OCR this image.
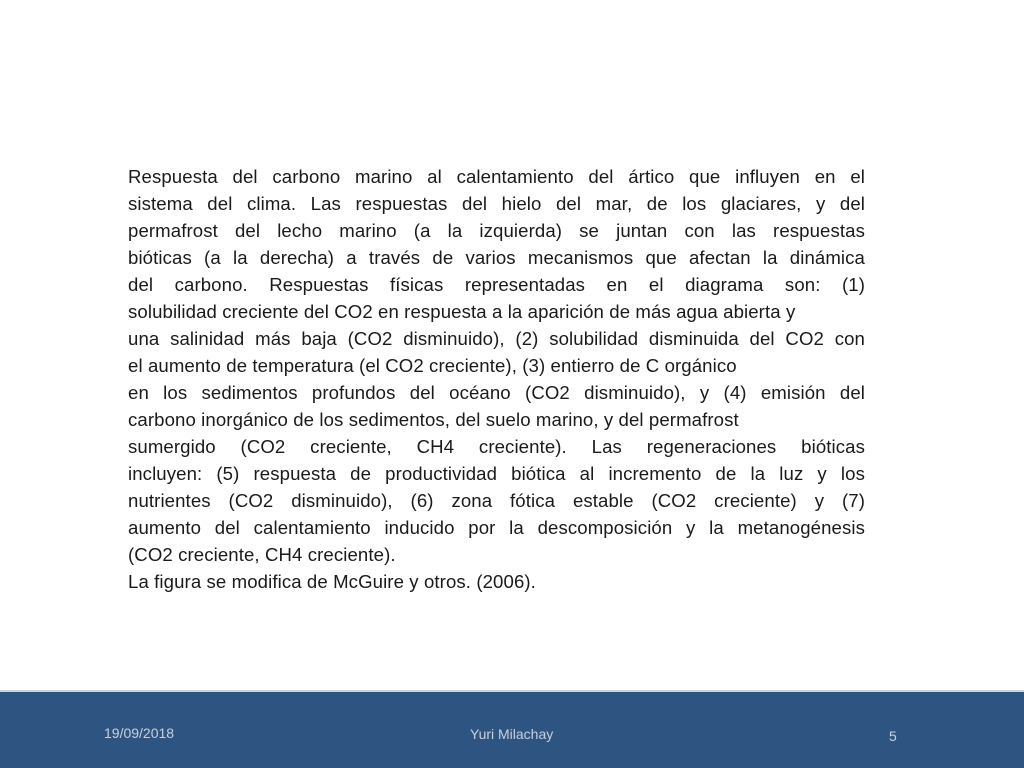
Respuesta del carbono marino al calentamiento del ártico que influyen en el
sistema del clima. Las respuestas del hielo del mar, de los glaciares, y del
permafrost del lecho marino (a la izquierda) se juntan con las respuestas
bióticas (a la derecha) a través de varios mecanismos que afectan la dinámica
del carbono. Respuestas físicas representadas en el diagrama son: (1)
solubilidad creciente del CO2 en respuesta a la aparición de más agua abierta y
una salinidad más baja (CO2 disminuido), (2) solubilidad disminuida del CO2 con
el aumento de temperatura (el CO2 creciente), (3) entierro de C orgánico
en los sedimentos profundos del océano (CO2 disminuido), y (4) emisión del
carbono inorgánico de los sedimentos, del suelo marino, y del permafrost
sumergido (CO2 creciente, CH4 creciente). Las regeneraciones bióticas
incluyen: (5) respuesta de productividad biótica al incremento de la luz y los
nutrientes (CO2 disminuido), (6) zona fótica estable (CO2 creciente) y (7)
aumento del calentamiento inducido por la descomposición y la metanogénesis
(CO2 creciente, CH4 creciente).
La figura se modifica de McGuire y otros. (2006).
19/09/2018	Yuri Milachay	5
